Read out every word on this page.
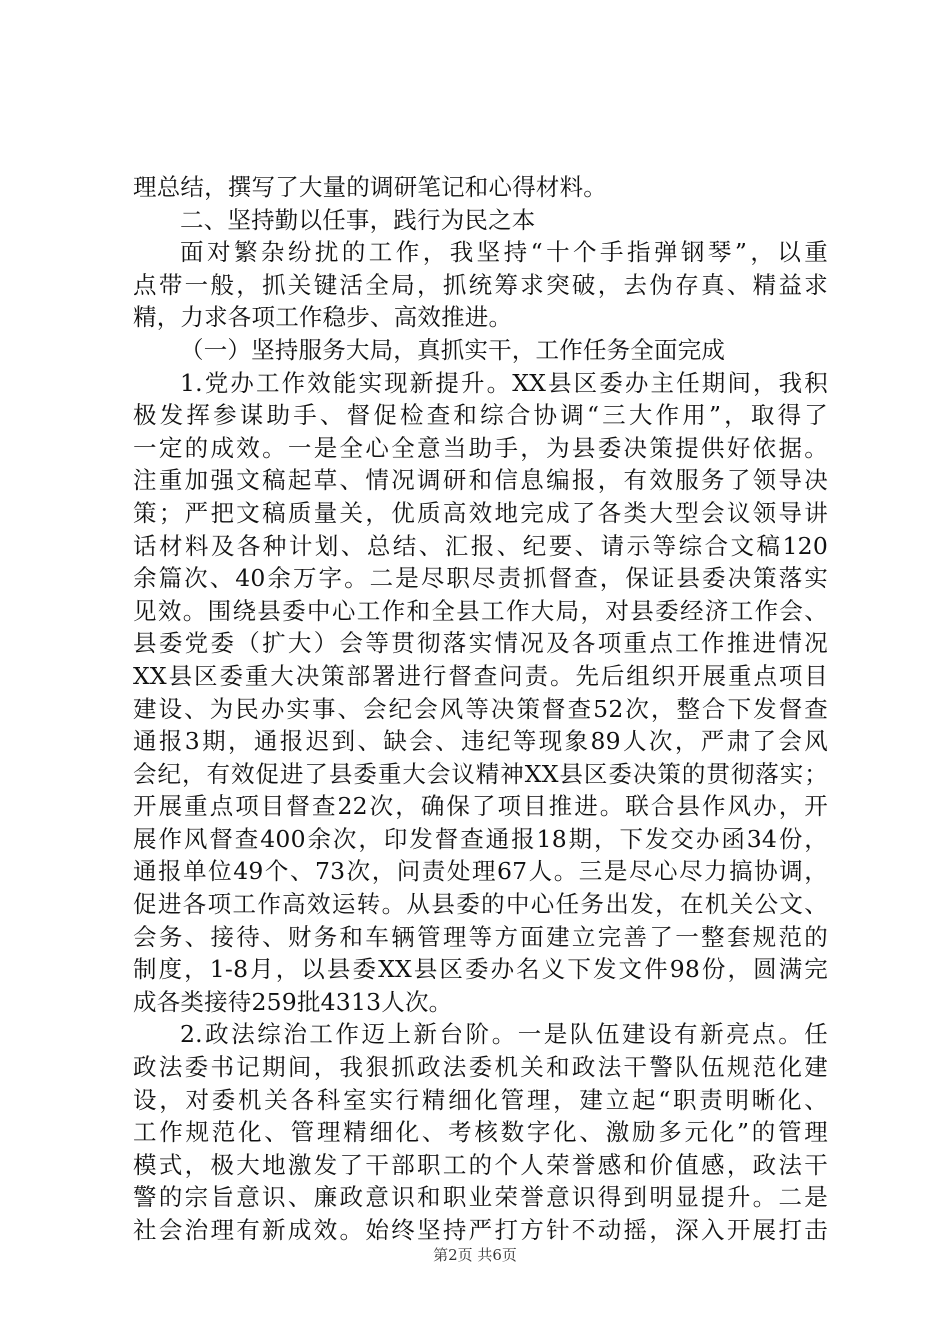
理总结，撰写了大量的调研笔记和心得材料。
二、坚持勤以任事，践行为民之本
面对繁杂纷扰的工作，我坚持“十个手指弹钢琴”，以重
点带一般，抓关键活全局，抓统筹求突破，去伪存真、精益求
精，力求各项工作稳步、高效推进。
（一）坚持服务大局，真抓实干，工作任务全面完成
1.党办工作效能实现新提升。XX县区委办主任期间，我积
极发挥参谋助手、督促检查和综合协调“三大作用”，取得了
一定的成效。一是全心全意当助手，为县委决策提供好依据。
注重加强文稿起草、情况调研和信息编报，有效服务了领导决
策；严把文稿质量关，优质高效地完成了各类大型会议领导讲
话材料及各种计划、总结、汇报、纪要、请示等综合文稿120
余篇次、40余万字。二是尽职尽责抓督查，保证县委决策落实
见效。围绕县委中心工作和全县工作大局，对县委经济工作会、
县委党委（扩大）会等贯彻落实情况及各项重点工作推进情况
XX县区委重大决策部署进行督查问责。先后组织开展重点项目
建设、为民办实事、会纪会风等决策督查52次，整合下发督查
通报3期，通报迟到、缺会、违纪等现象89人次，严肃了会风
会纪，有效促进了县委重大会议精神XX县区委决策的贯彻落实；
开展重点项目督查22次，确保了项目推进。联合县作风办，开
展作风督查400余次，印发督查通报18期，下发交办函34份，
通报单位49个、73次，问责处理67人。三是尽心尽力搞协调，
促进各项工作高效运转。从县委的中心任务出发，在机关公文、
会务、接待、财务和车辆管理等方面建立完善了一整套规范的
制度，1-8月，以县委XX县区委办名义下发文件98份，圆满完
成各类接待259批4313人次。
2.政法综治工作迈上新台阶。一是队伍建设有新亮点。任
政法委书记期间，我狠抓政法委机关和政法干警队伍规范化建
设，对委机关各科室实行精细化管理，建立起“职责明晰化、
工作规范化、管理精细化、考核数字化、激励多元化”的管理
模式，极大地激发了干部职工的个人荣誉感和价值感，政法干
警的宗旨意识、廉政意识和职业荣誉意识得到明显提升。二是
社会治理有新成效。始终坚持严打方针不动摇，深入开展打击
第2页 共6页
